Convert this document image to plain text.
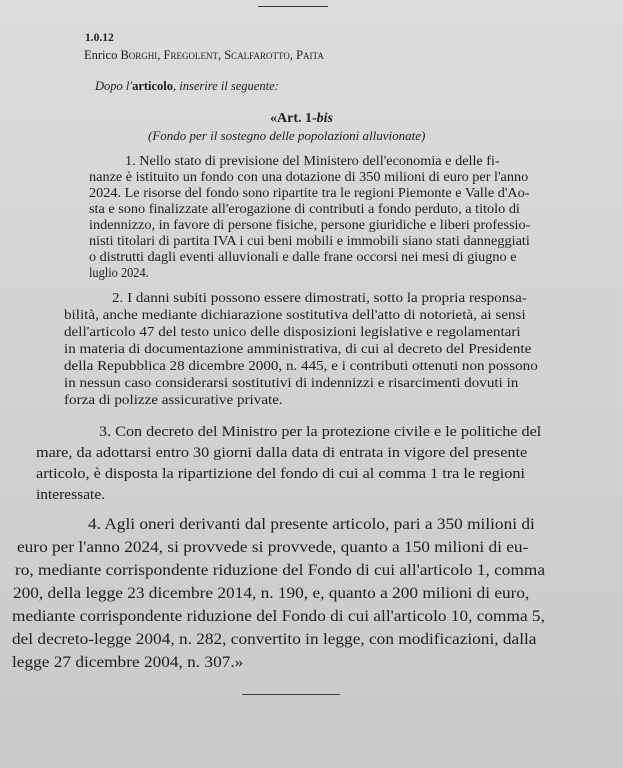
1.0.12
Enrico Borghi, Fregolent, Scalfarotto, Paita
Dopo l'articolo, inserire il seguente:
«Art. 1-bis
(Fondo per il sostegno delle popolazioni alluvionate)
1. Nello stato di previsione del Ministero dell'economia e delle fi-
nanze è istituito un fondo con una dotazione di 350 milioni di euro per l'anno
2024. Le risorse del fondo sono ripartite tra le regioni Piemonte e Valle d'Ao-
sta e sono finalizzate all'erogazione di contributi a fondo perduto, a titolo di
indennizzo, in favore di persone fisiche, persone giuridiche e liberi professio-
nisti titolari di partita IVA i cui beni mobili e immobili siano stati danneggiati
o distrutti dagli eventi alluvionali e dalle frane occorsi nei mesi di giugno e
luglio 2024.
2. I danni subiti possono essere dimostrati, sotto la propria responsa-
bilità, anche mediante dichiarazione sostitutiva dell'atto di notorietà, ai sensi
dell'articolo 47 del testo unico delle disposizioni legislative e regolamentari
in materia di documentazione amministrativa, di cui al decreto del Presidente
della Repubblica 28 dicembre 2000, n. 445, e i contributi ottenuti non possono
in nessun caso considerarsi sostitutivi di indennizzi e risarcimenti dovuti in
forza di polizze assicurative private.
3. Con decreto del Ministro per la protezione civile e le politiche del
mare, da adottarsi entro 30 giorni dalla data di entrata in vigore del presente
articolo, è disposta la ripartizione del fondo di cui al comma 1 tra le regioni
interessate.
4. Agli oneri derivanti dal presente articolo, pari a 350 milioni di
euro per l'anno 2024, si provvede si provvede, quanto a 150 milioni di eu-
ro, mediante corrispondente riduzione del Fondo di cui all'articolo 1, comma
200, della legge 23 dicembre 2014, n. 190, e, quanto a 200 milioni di euro,
mediante corrispondente riduzione del Fondo di cui all'articolo 10, comma 5,
del decreto-legge 2004, n. 282, convertito in legge, con modificazioni, dalla
legge 27 dicembre 2004, n. 307.»
